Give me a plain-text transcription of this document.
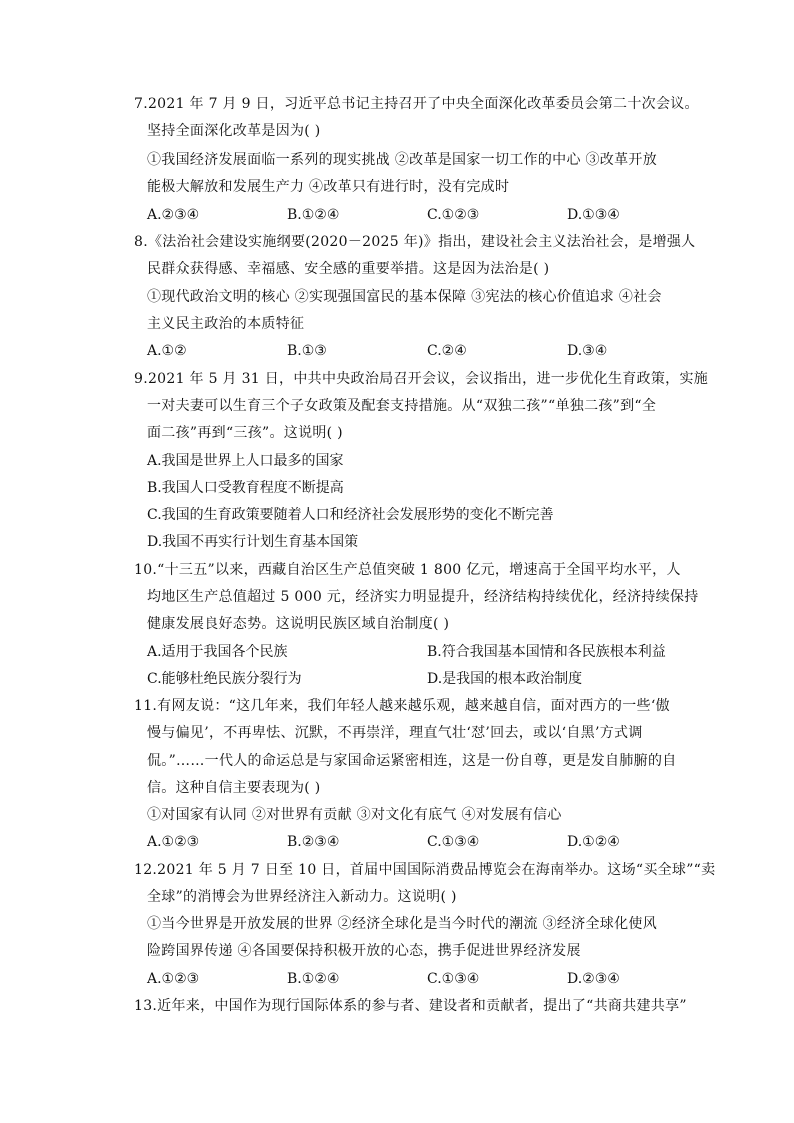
7.2021 年 7 月 9 日，习近平总书记主持召开了中央全面深化改革委员会第二十次会议。
坚持全面深化改革是因为( )
①我国经济发展面临一系列的现实挑战 ②改革是国家一切工作的中心 ③改革开放
能极大解放和发展生产力 ④改革只有进行时，没有完成时
A.②③④	B.①②④	C.①②③	D.①③④
8.《法治社会建设实施纲要(2020－2025 年)》指出，建设社会主义法治社会，是增强人
民群众获得感、幸福感、安全感的重要举措。这是因为法治是( )
①现代政治文明的核心 ②实现强国富民的基本保障 ③宪法的核心价值追求 ④社会
主义民主政治的本质特征
A.①②	B.①③	C.②④	D.③④
9.2021 年 5 月 31 日，中共中央政治局召开会议，会议指出，进一步优化生育政策，实施
一对夫妻可以生育三个子女政策及配套支持措施。从“双独二孩”“单独二孩”到“全
面二孩”再到“三孩”。这说明( )
A.我国是世界上人口最多的国家
B.我国人口受教育程度不断提高
C.我国的生育政策要随着人口和经济社会发展形势的变化不断完善
D.我国不再实行计划生育基本国策
10.“十三五”以来，西藏自治区生产总值突破 1 800 亿元，增速高于全国平均水平，人
均地区生产总值超过 5 000 元，经济实力明显提升，经济结构持续优化，经济持续保持
健康发展良好态势。这说明民族区域自治制度( )
A.适用于我国各个民族	B.符合我国基本国情和各民族根本利益
C.能够杜绝民族分裂行为	D.是我国的根本政治制度
11.有网友说：“这几年来，我们年轻人越来越乐观，越来越自信，面对西方的一些‘傲
慢与偏见’，不再卑怯、沉默，不再崇洋，理直气壮‘怼’回去，或以‘自黑’方式调
侃。”……一代人的命运总是与家国命运紧密相连，这是一份自尊，更是发自肺腑的自
信。这种自信主要表现为( )
①对国家有认同 ②对世界有贡献 ③对文化有底气 ④对发展有信心
A.①②③	B.②③④	C.①③④	D.①②④
12.2021 年 5 月 7 日至 10 日，首届中国国际消费品博览会在海南举办。这场“买全球”“卖
全球”的消博会为世界经济注入新动力。这说明( )
①当今世界是开放发展的世界 ②经济全球化是当今时代的潮流 ③经济全球化使风
险跨国界传递 ④各国要保持积极开放的心态，携手促进世界经济发展
A.①②③	B.①②④	C.①③④	D.②③④
13.近年来，中国作为现行国际体系的参与者、建设者和贡献者，提出了“共商共建共享”
